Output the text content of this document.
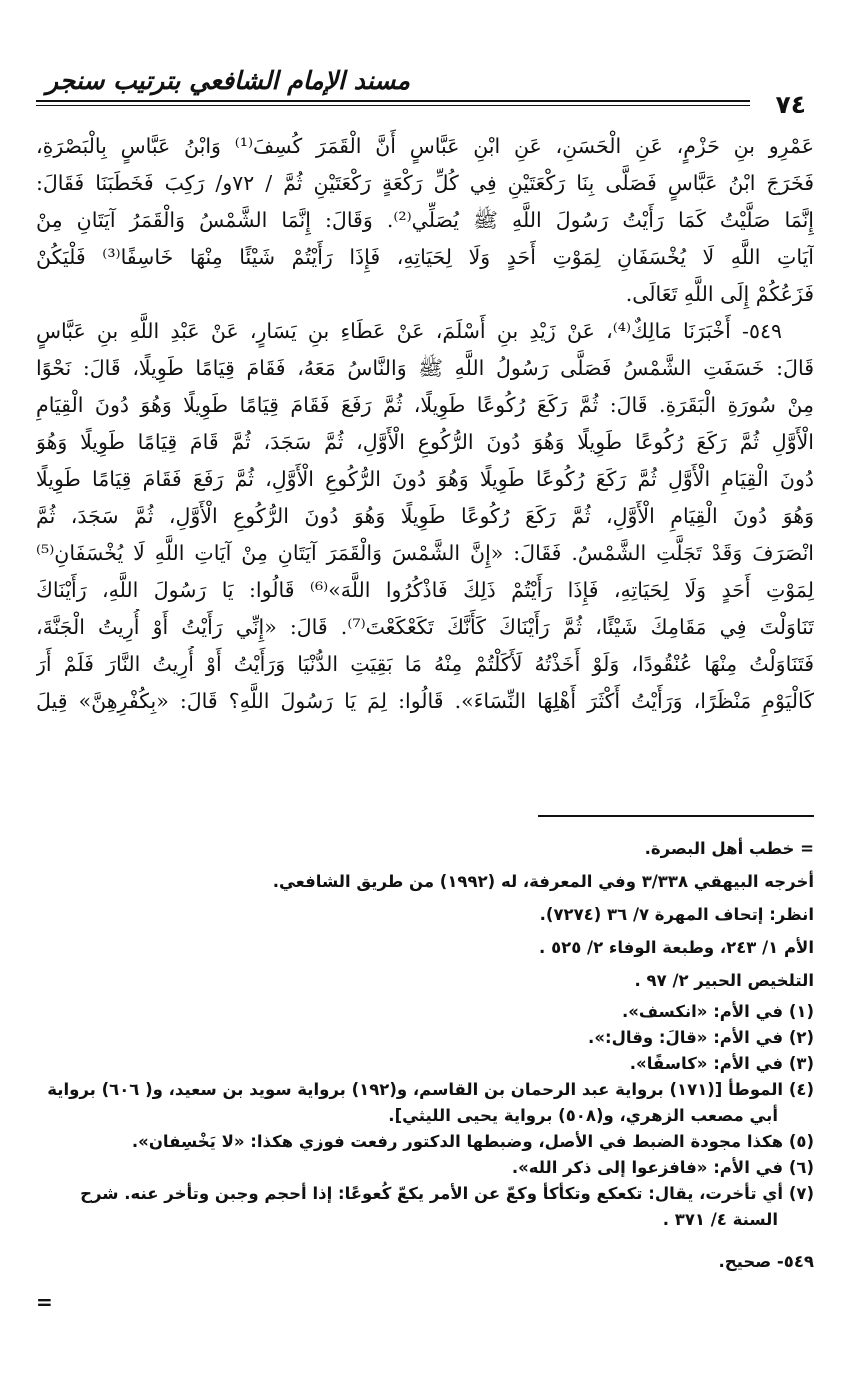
مسند الإمام الشافعي بترتيب سنجر
٧٤
عَمْرِو بنِ حَزْمٍ، عَنِ الْحَسَنِ، عَنِ ابْنِ عَبَّاسٍ أَنَّ الْقَمَرَ كُسِفَ⁽¹⁾ وَابْنُ عَبَّاسٍ بِالْبَصْرَةِ،
فَخَرَجَ ابْنُ عَبَّاسٍ فَصَلَّى بِنَا رَكْعَتَيْنِ فِي كُلِّ رَكْعَةٍ رَكْعَتَيْنِ ثُمَّ / ٧٢و/ رَكِبَ فَخَطَبَنَا فَقَالَ:
إِنَّمَا صَلَّيْتُ كَمَا رَأَيْتُ رَسُولَ اللَّهِ ﷺ يُصَلِّي⁽²⁾. وَقَالَ: إِنَّمَا الشَّمْسُ وَالْقَمَرُ آيَتَانِ مِنْ
آيَاتِ اللَّهِ لَا يُخْسَفَانِ لِمَوْتِ أَحَدٍ وَلَا لِحَيَاتِهِ، فَإِذَا رَأَيْتُمْ شَيْئًا مِنْهَا خَاسِفًا⁽³⁾ فَلْيَكُنْ
فَزَعُكُمْ إِلَى اللَّهِ تَعَالَى.
٥٤٩- أَخْبَرَنَا مَالِكٌ⁽⁴⁾، عَنْ زَيْدِ بنِ أَسْلَمَ، عَنْ عَطَاءِ بنِ يَسَارٍ، عَنْ عَبْدِ اللَّهِ بنِ عَبَّاسٍ
قَالَ: خَسَفَتِ الشَّمْسُ فَصَلَّى رَسُولُ اللَّهِ ﷺ وَالنَّاسُ مَعَهُ، فَقَامَ قِيَامًا طَوِيلًا، قَالَ: نَحْوًا
مِنْ سُورَةِ الْبَقَرَةِ. قَالَ: ثُمَّ رَكَعَ رُكُوعًا طَوِيلًا، ثُمَّ رَفَعَ فَقَامَ قِيَامًا طَوِيلًا وَهُوَ دُونَ الْقِيَامِ
الْأَوَّلِ ثُمَّ رَكَعَ رُكُوعًا طَوِيلًا وَهُوَ دُونَ الرُّكُوعِ الْأَوَّلِ، ثُمَّ سَجَدَ، ثُمَّ قَامَ قِيَامًا طَوِيلًا وَهُوَ
دُونَ الْقِيَامِ الْأَوَّلِ ثُمَّ رَكَعَ رُكُوعًا طَوِيلًا وَهُوَ دُونَ الرُّكُوعِ الْأَوَّلِ، ثُمَّ رَفَعَ فَقَامَ قِيَامًا طَوِيلًا
وَهُوَ دُونَ الْقِيَامِ الْأَوَّلِ، ثُمَّ رَكَعَ رُكُوعًا طَوِيلًا وَهُوَ دُونَ الرُّكُوعِ الْأَوَّلِ، ثُمَّ سَجَدَ، ثُمَّ
انْصَرَفَ وَقَدْ تَجَلَّتِ الشَّمْسُ. فَقَالَ: «إِنَّ الشَّمْسَ وَالْقَمَرَ آيَتَانِ مِنْ آيَاتِ اللَّهِ لَا يُخْسَفَانِ⁽⁵⁾
لِمَوْتِ أَحَدٍ وَلَا لِحَيَاتِهِ، فَإِذَا رَأَيْتُمْ ذَلِكَ فَاذْكُرُوا اللَّهَ»⁽⁶⁾ قَالُوا: يَا رَسُولَ اللَّهِ، رَأَيْنَاكَ
تَنَاوَلْتَ فِي مَقَامِكَ شَيْئًا، ثُمَّ رَأَيْنَاكَ كَأَنَّكَ تَكَعْكَعْتَ⁽⁷⁾. قَالَ: «إِنِّي رَأَيْتُ أَوْ أُرِيتُ الْجَنَّةَ،
فَتَنَاوَلْتُ مِنْهَا عُنْقُودًا، وَلَوْ أَخَذْتُهُ لَأَكَلْتُمْ مِنْهُ مَا بَقِيَتِ الدُّنْيَا وَرَأَيْتُ أَوْ أُرِيتُ النَّارَ فَلَمْ أَرَ
كَالْيَوْمِ مَنْظَرًا، وَرَأَيْتُ أَكْثَرَ أَهْلِهَا النِّسَاءَ». قَالُوا: لِمَ يَا رَسُولَ اللَّهِ؟ قَالَ: «بِكُفْرِهِنَّ» قِيلَ
= خطب أهل البصرة.
أخرجه البيهقي ٣/٣٣٨ وفي المعرفة، له (١٩٩٢) من طريق الشافعي.
انظر: إتحاف المهرة ٧/ ٣٦ (٧٢٧٤).
الأم ١/ ٢٤٣، وطبعة الوفاء ٢/ ٥٢٥ .
التلخيص الحبير ٢/ ٩٧ .
(١) في الأم: «انكسف».
(٢) في الأم: «قالَ: وقال:».
(٣) في الأم: «كاسفًا».
(٤) الموطأ [(١٧١) برواية عبد الرحمان بن القاسم، و(١٩٢) برواية سويد بن سعيد، و( ٦٠٦) برواية
أبي مصعب الزهري، و(٥٠٨) برواية يحيى الليثي].
(٥) هكذا مجودة الضبط في الأصل، وضبطها الدكتور رفعت فوزي هكذا: «لا يَخْسِفان».
(٦) في الأم: «فافزعوا إلى ذكر الله».
(٧) أي تأخرت، يقال: تكعكع وتكأكأ وكعّ عن الأمر يكعّ كُعوعًا: إذا أحجم وجبن وتأخر عنه. شرح
السنة ٤/ ٣٧١ .
٥٤٩- صحيح.
=
